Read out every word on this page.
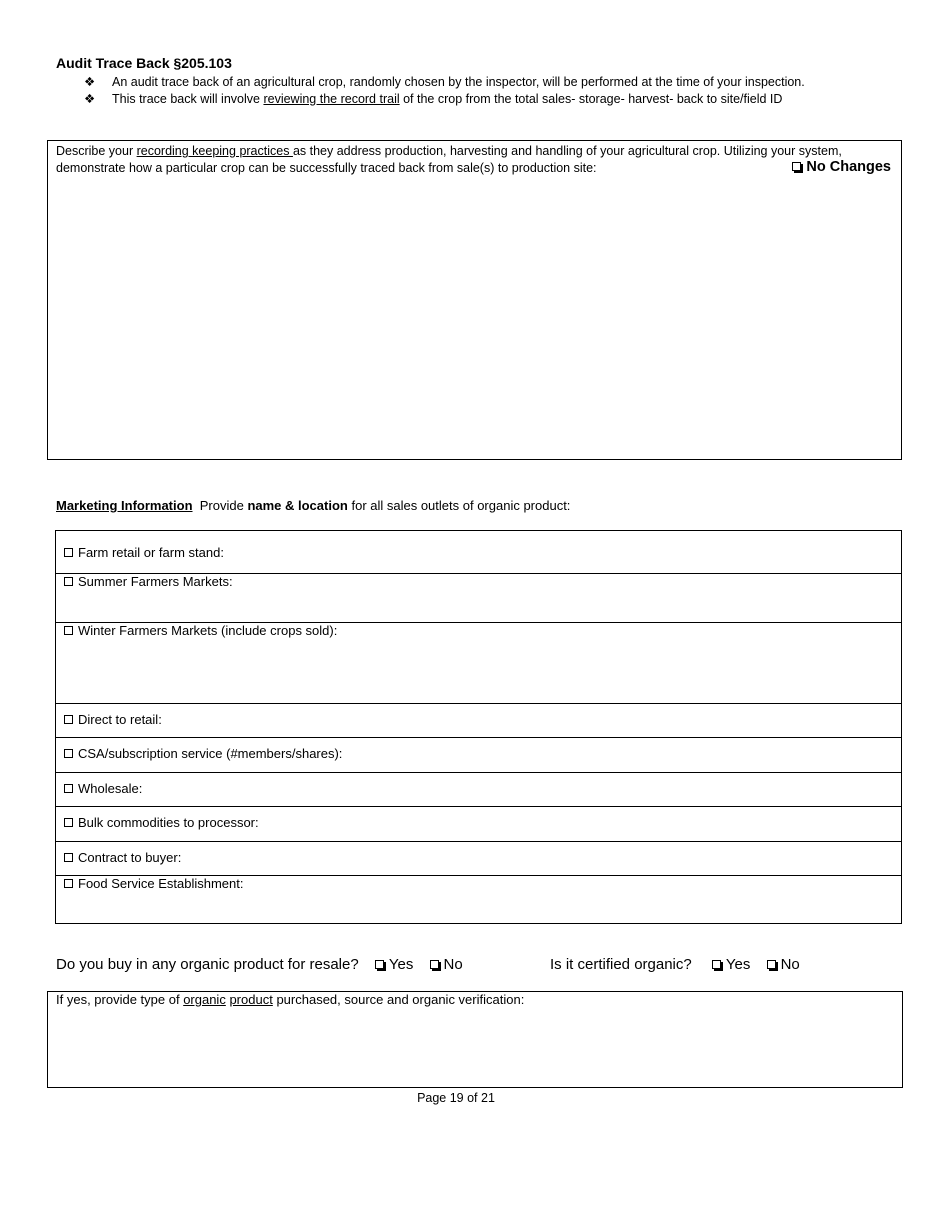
Audit Trace Back §205.103
❖ An audit trace back of an agricultural crop, randomly chosen by the inspector, will be performed at the time of your inspection.
❖ This trace back will involve reviewing the record trail of the crop from the total sales- storage- harvest- back to site/field ID
Describe your recording keeping practices as they address production, harvesting and handling of your agricultural crop. Utilizing your system, demonstrate how a particular crop can be successfully traced back from sale(s) to production site:	No Changes
Marketing Information  Provide name & location for all sales outlets of organic product:
Farm retail or farm stand:
Summer Farmers Markets:
Winter Farmers Markets (include crops sold):
Direct to retail:
CSA/subscription service (#members/shares):
Wholesale:
Bulk commodities to processor:
Contract to buyer:
Food Service Establishment:
Do you buy in any organic product for resale? Yes No	Is it certified organic? Yes No
If yes, provide type of organic product purchased, source and organic verification:
Page 19 of 21
